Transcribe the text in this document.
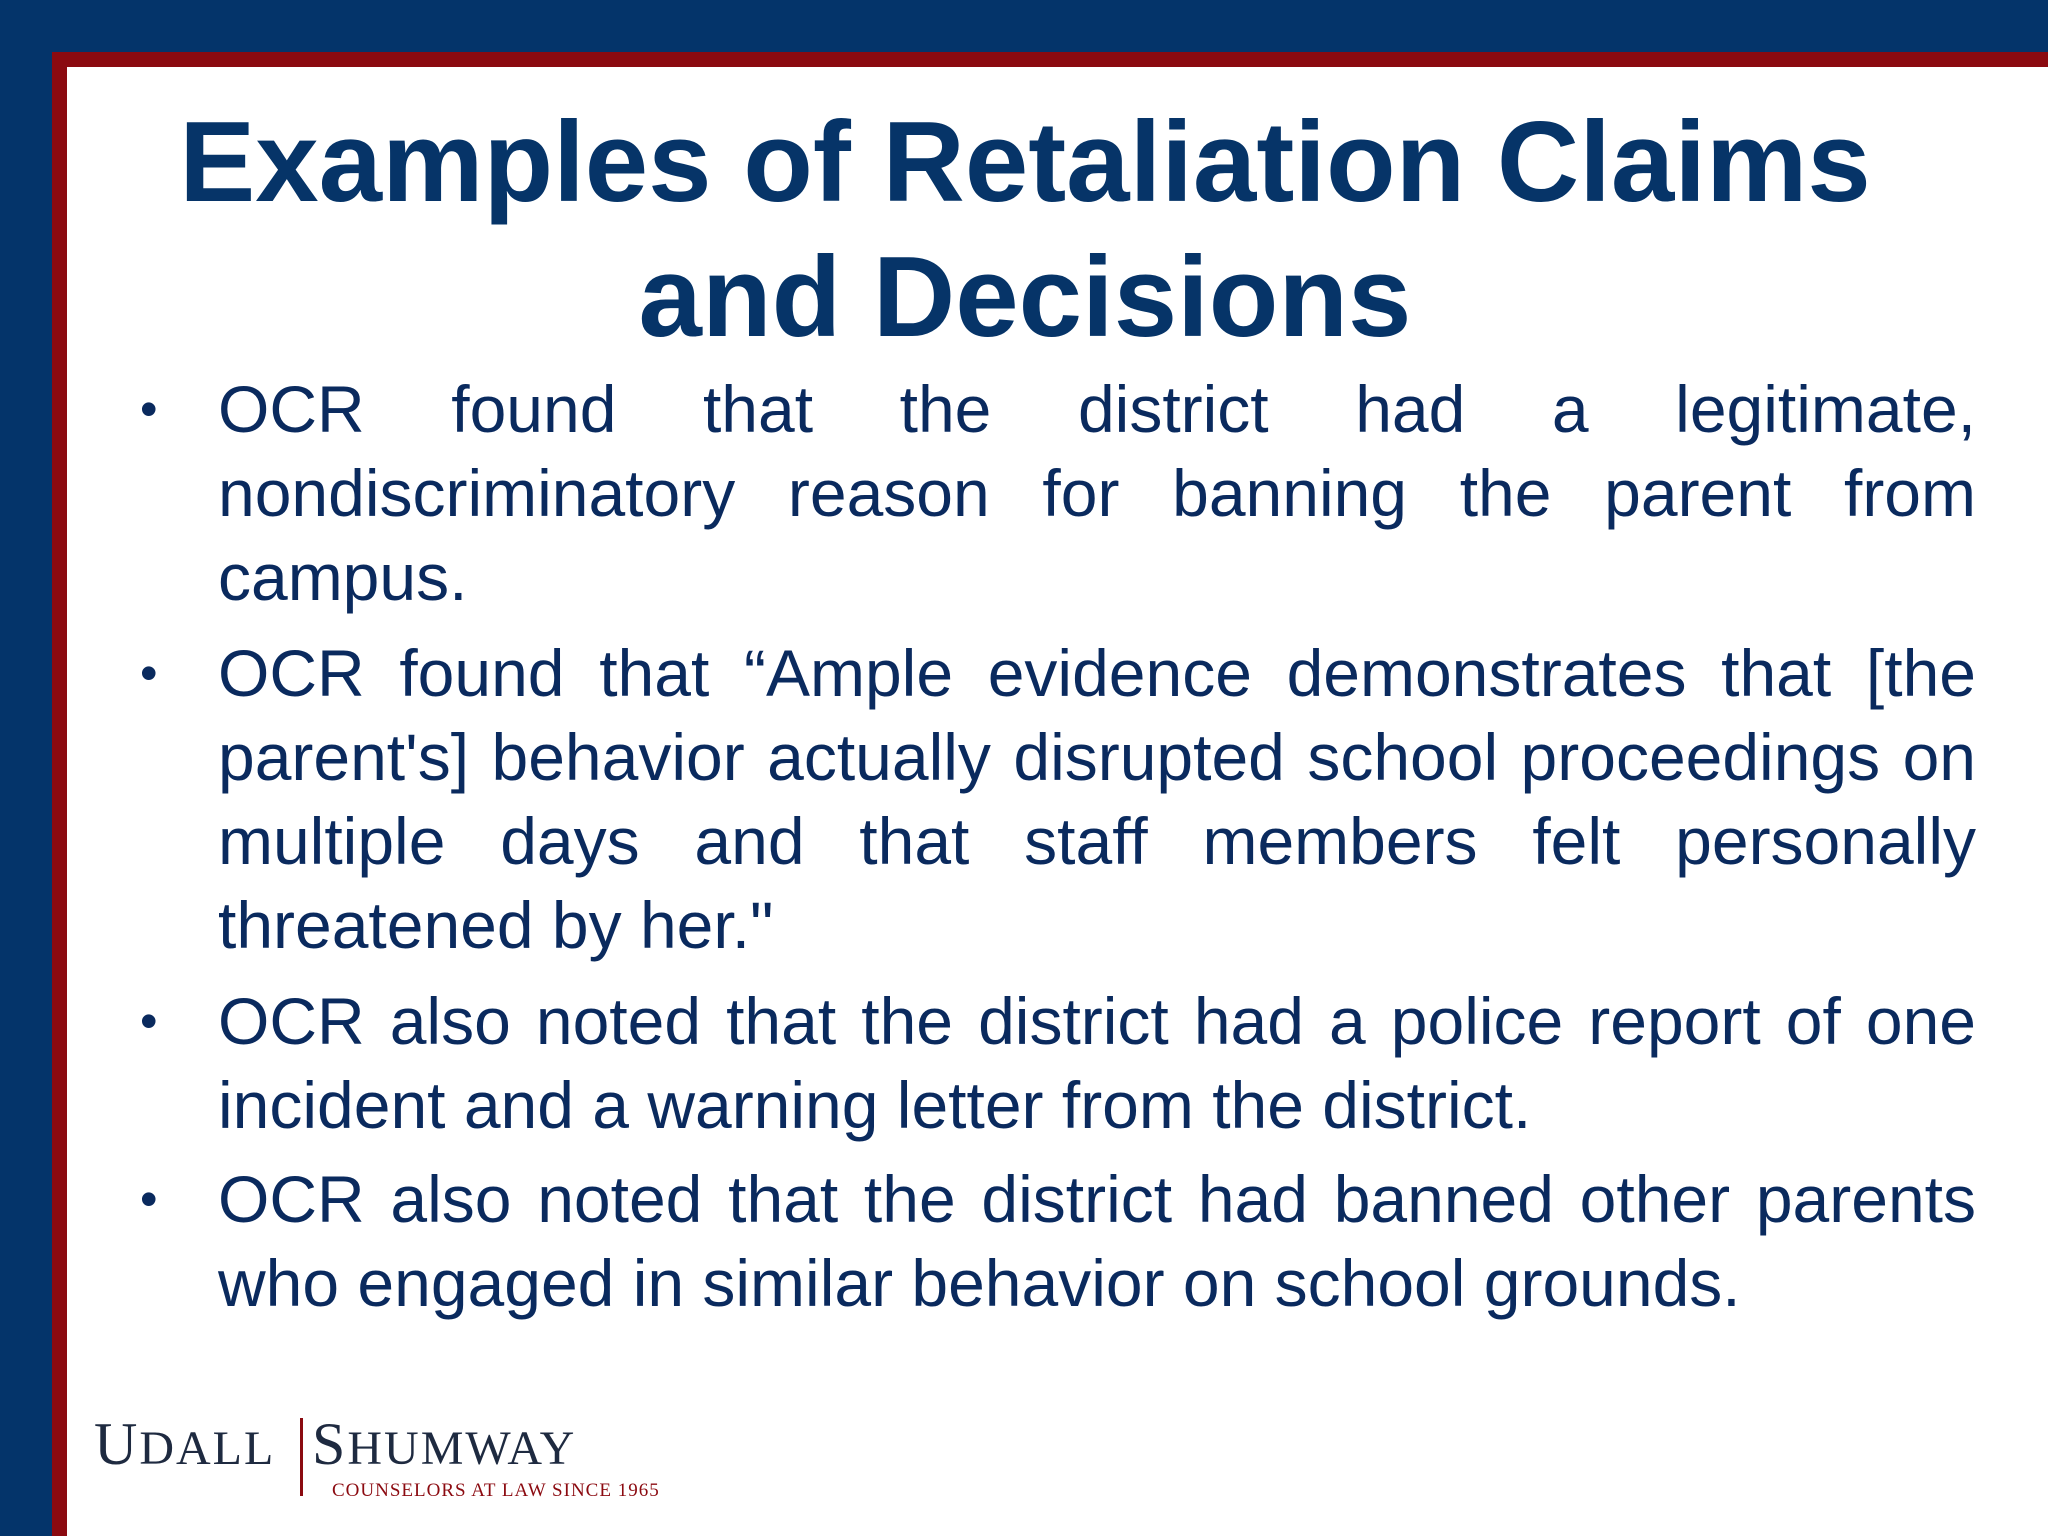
Examples of Retaliation Claims and Decisions
• OCR found that the district had a legitimate, nondiscriminatory reason for banning the parent from campus.
• OCR found that “Ample evidence demonstrates that [the parent's] behavior actually disrupted school proceedings on multiple days and that staff members felt personally threatened by her."
• OCR also noted that the district had a police report of one incident and a warning letter from the district.
• OCR also noted that the district had banned other parents who engaged in similar behavior on school grounds.
UDALL SHUMWAY
COUNSELORS AT LAW SINCE 1965
